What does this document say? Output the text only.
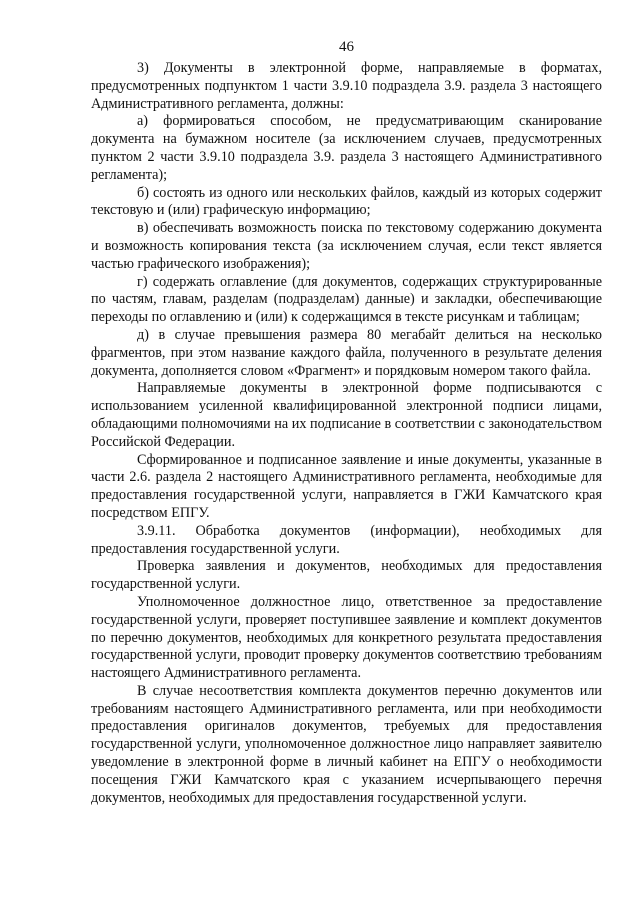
46

3) Документы в электронной форме, направляемые в форматах, предусмотренных подпунктом 1 части 3.9.10 подраздела 3.9. раздела 3 настоящего Административного регламента, должны:

а) формироваться способом, не предусматривающим сканирование документа на бумажном носителе (за исключением случаев, предусмотренных пунктом 2 части 3.9.10 подраздела 3.9. раздела 3 настоящего Административного регламента);

б) состоять из одного или нескольких файлов, каждый из которых содержит текстовую и (или) графическую информацию;

в) обеспечивать возможность поиска по текстовому содержанию документа и возможность копирования текста (за исключением случая, если текст является частью графического изображения);

г) содержать оглавление (для документов, содержащих структурированные по частям, главам, разделам (подразделам) данные) и закладки, обеспечивающие переходы по оглавлению и (или) к содержащимся в тексте рисункам и таблицам;

д) в случае превышения размера 80 мегабайт делиться на несколько фрагментов, при этом название каждого файла, полученного в результате деления документа, дополняется словом «Фрагмент» и порядковым номером такого файла.

Направляемые документы в электронной форме подписываются с использованием усиленной квалифицированной электронной подписи лицами, обладающими полномочиями на их подписание в соответствии с законодательством Российской Федерации.

Сформированное и подписанное заявление и иные документы, указанные в части 2.6. раздела 2 настоящего Административного регламента, необходимые для предоставления государственной услуги, направляется в ГЖИ Камчатского края посредством ЕПГУ.

3.9.11. Обработка документов (информации), необходимых для предоставления государственной услуги.

Проверка заявления и документов, необходимых для предоставления государственной услуги.

Уполномоченное должностное лицо, ответственное за предоставление государственной услуги, проверяет поступившее заявление и комплект документов по перечню документов, необходимых для конкретного результата предоставления государственной услуги, проводит проверку документов соответствию требованиям настоящего Административного регламента.

В случае несоответствия комплекта документов перечню документов или требованиям настоящего Административного регламента, или при необходимости предоставления оригиналов документов, требуемых для предоставления государственной услуги, уполномоченное должностное лицо направляет заявителю уведомление в электронной форме в личный кабинет на ЕПГУ о необходимости посещения ГЖИ Камчатского края с указанием исчерпывающего перечня документов, необходимых для предоставления государственной услуги.
